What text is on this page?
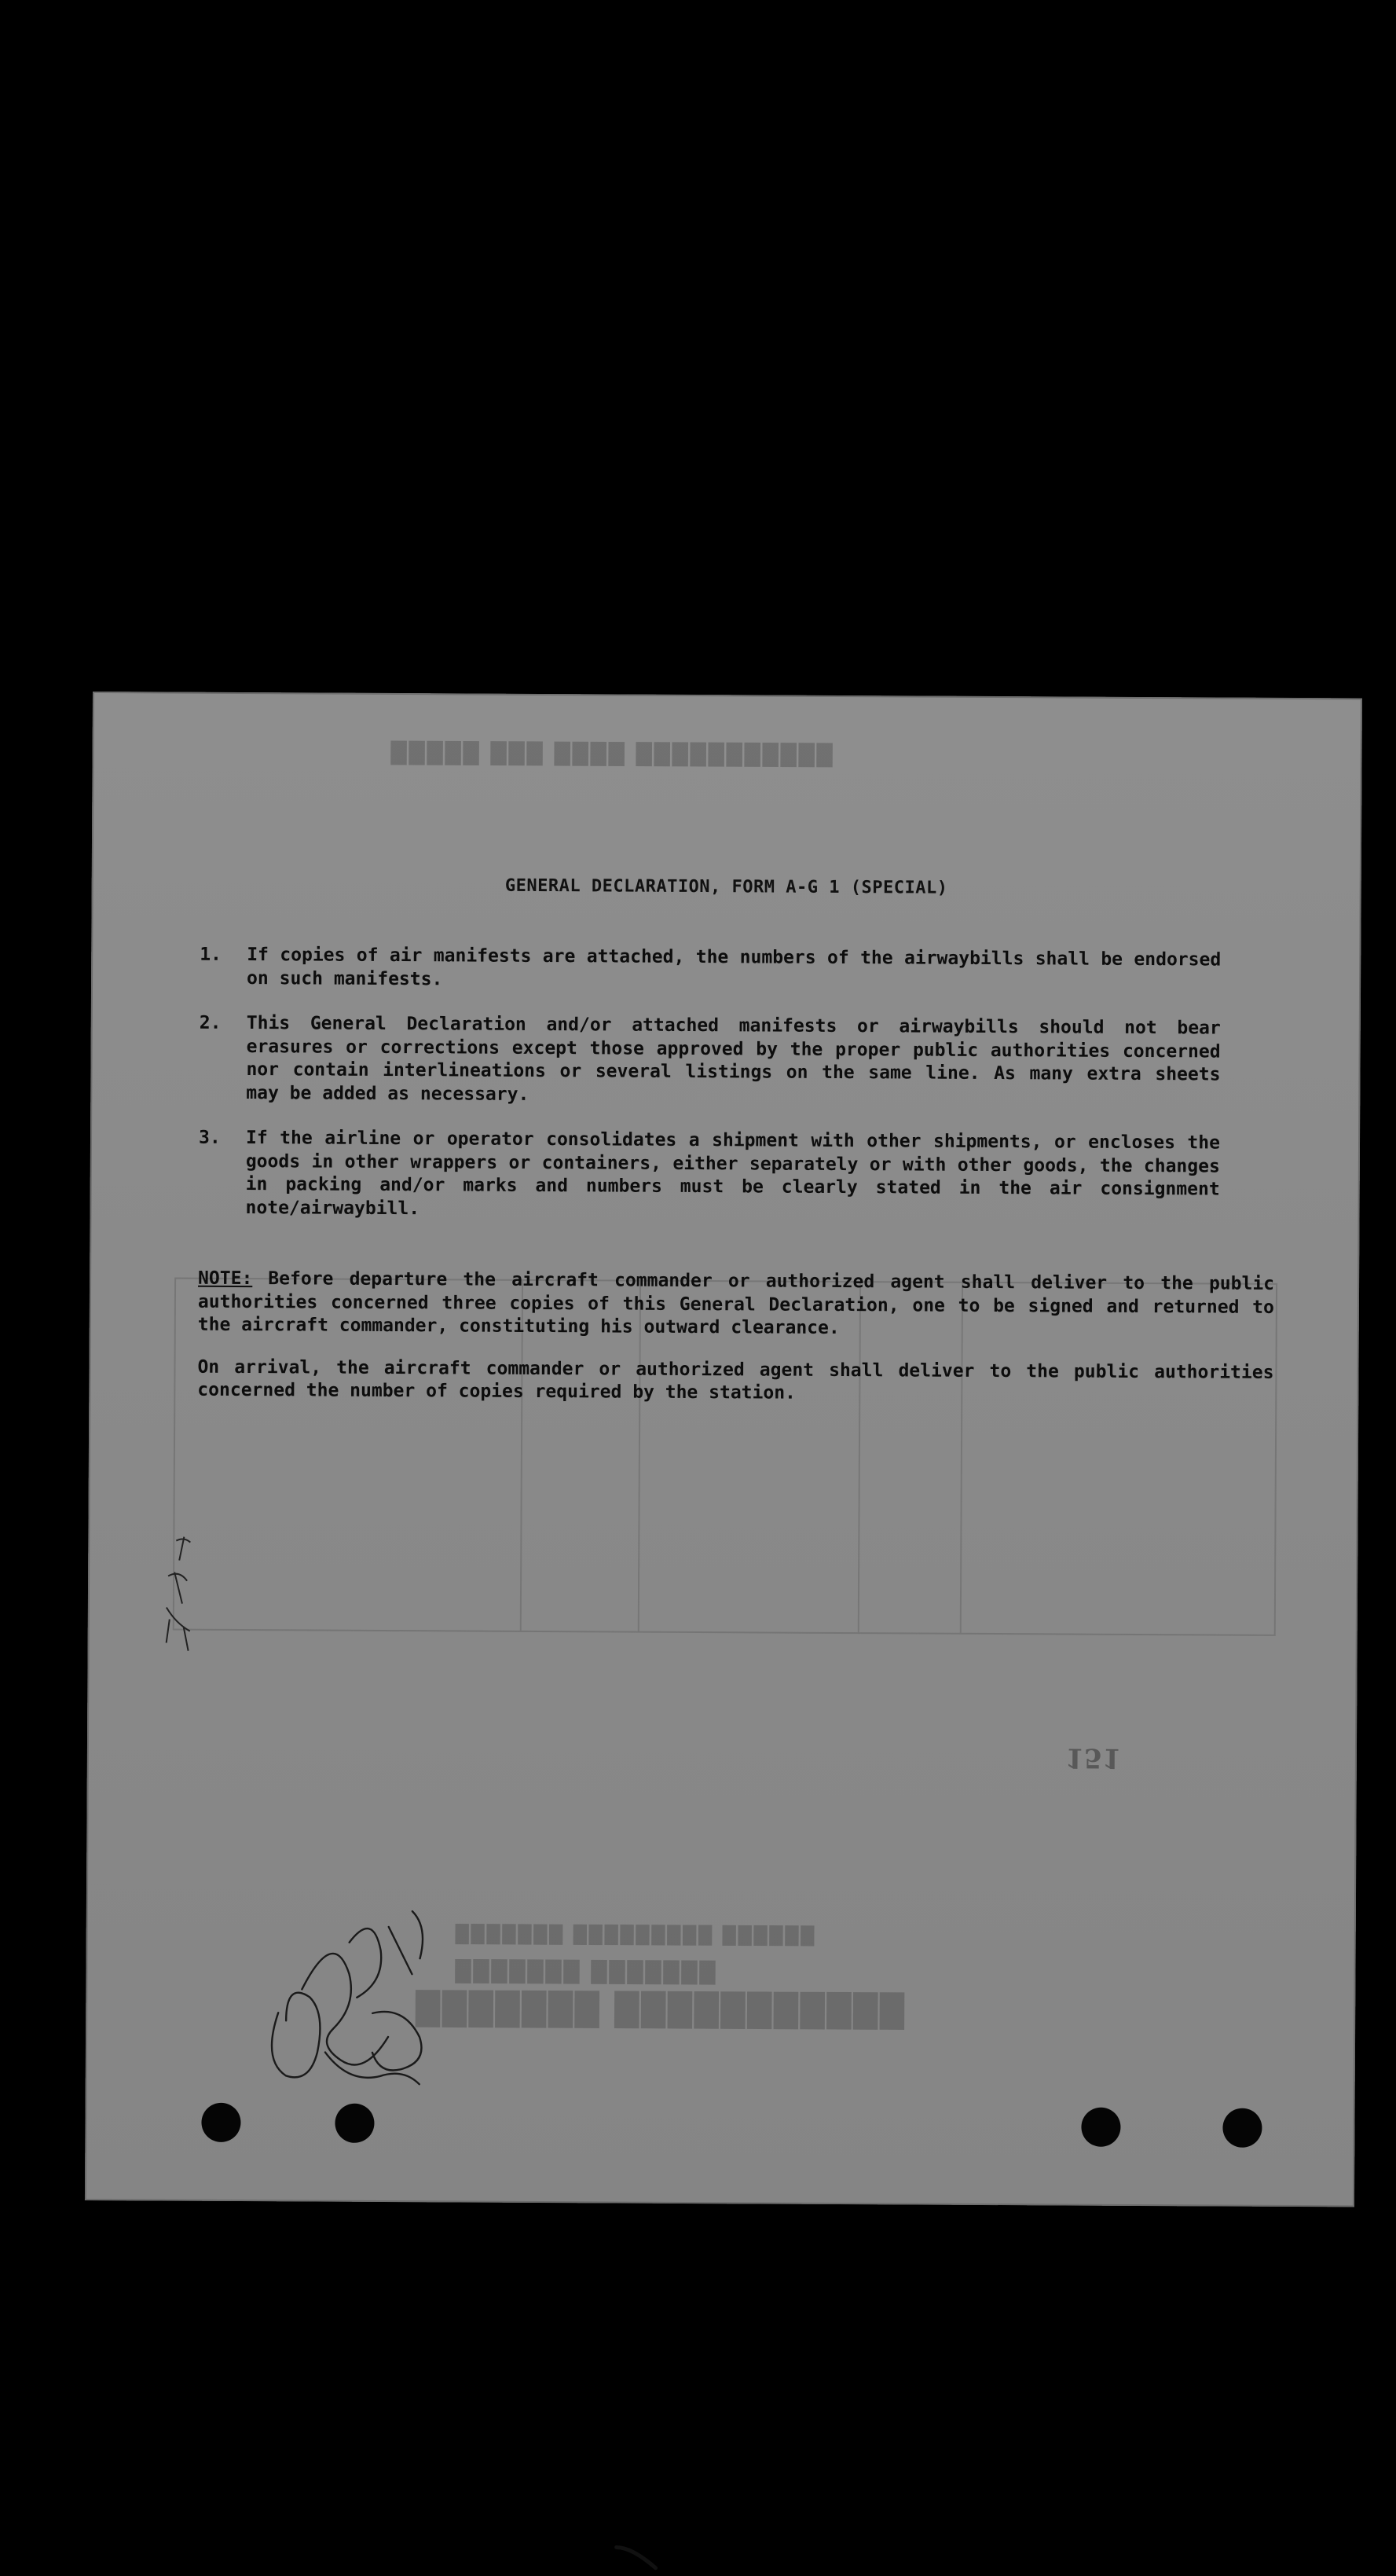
███████ ███████████
███████ ███████
███████ █████████ ██████
█████ ███ ████ ███████████
GENERAL DECLARATION, FORM A-G 1 (SPECIAL)
1.	If copies of air manifests are attached, the numbers of the airwaybills shall be endorsed on such manifests.
2.	This General Declaration and/or attached manifests or airwaybills should not bear erasures or corrections except those approved by the proper public authorities concerned nor contain interlineations or several listings on the same line. As many extra sheets may be added as necessary.
3.	If the airline or operator consolidates a shipment with other shipments, or encloses the goods in other wrappers or containers, either separately or with other goods, the changes in packing and/or marks and numbers must be clearly stated in the air consignment note/airwaybill.

NOTE: Before departure the aircraft commander or authorized agent shall deliver to the public authorities concerned three copies of this General Declaration, one to be signed and returned to the aircraft commander, constituting his outward clearance.

On arrival, the aircraft commander or authorized agent shall deliver to the public authorities concerned the number of copies required by the station.

151
